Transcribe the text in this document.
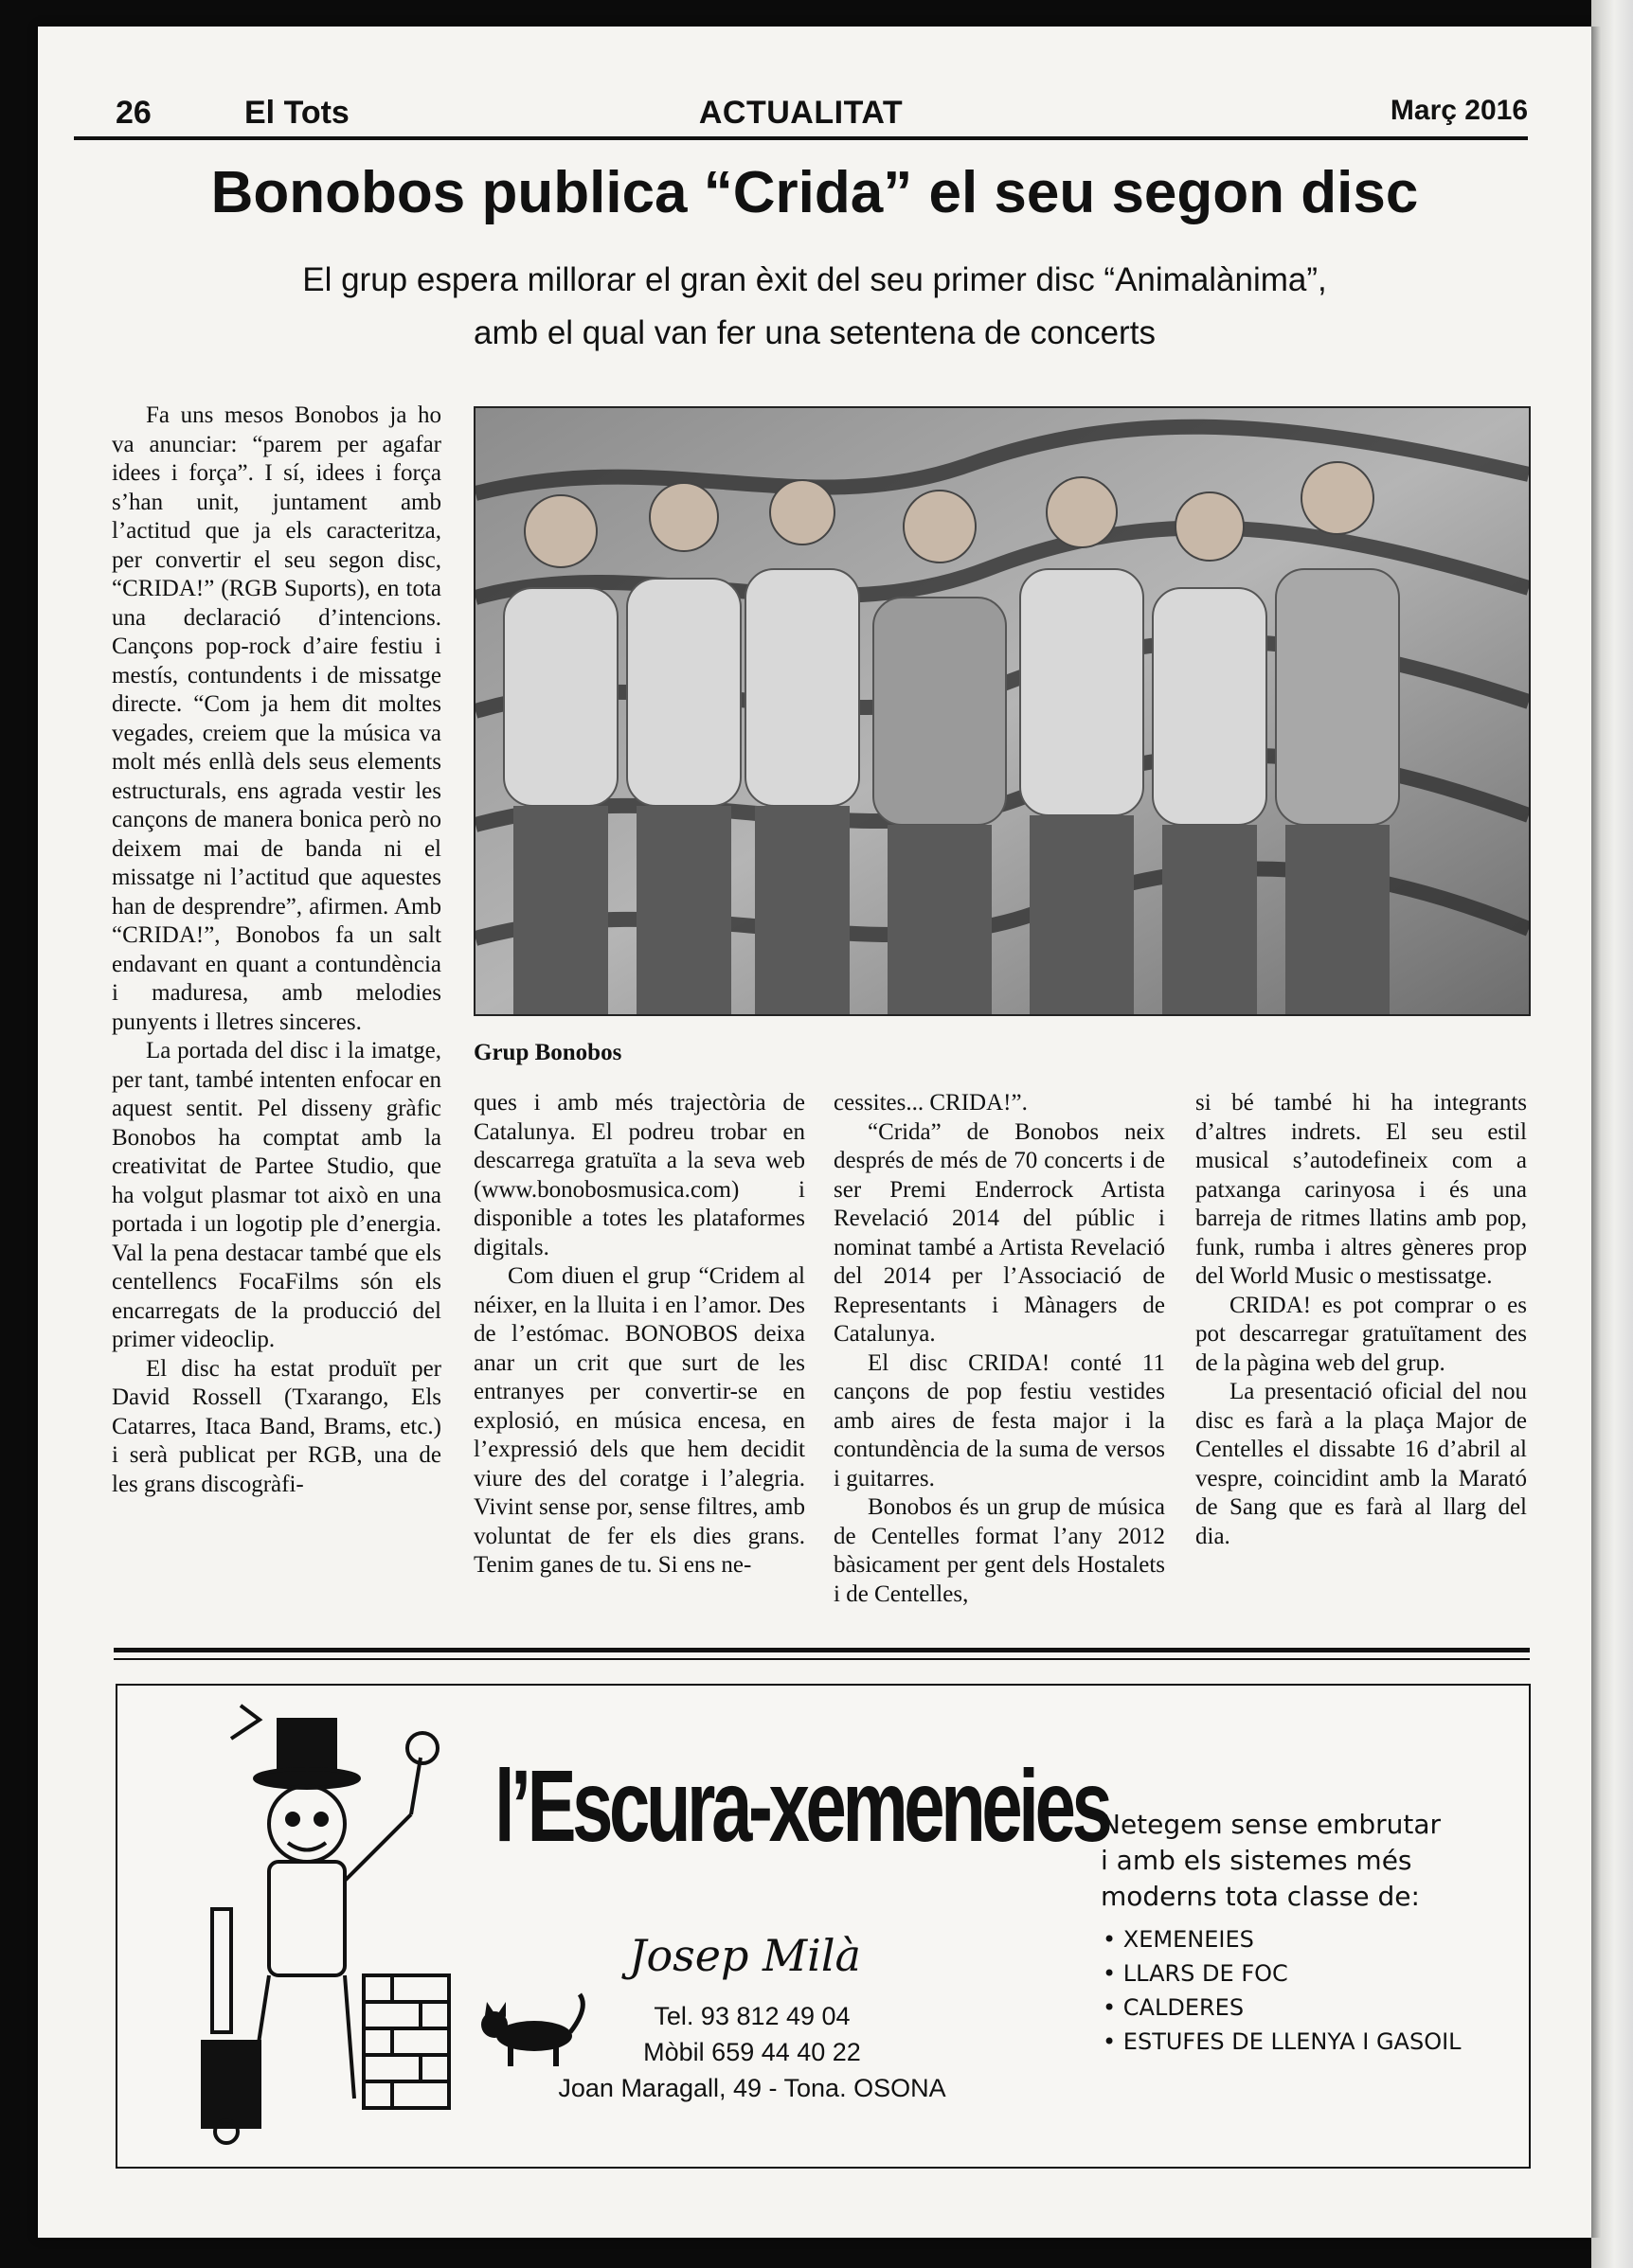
26	El Tots	ACTUALITAT	Març 2016
Bonobos publica “Crida” el seu segon disc
El grup espera millorar el gran èxit del seu primer disc “Animalànima”,
amb el qual van fer una setentena de concerts

Fa uns mesos Bonobos ja ho va anunciar: “parem per agafar idees i força”. I sí, idees i força s’han unit, juntament amb l’actitud que ja els caracteritza, per convertir el seu segon disc, “CRIDA!” (RGB Suports), en tota una declaració d’intencions. Cançons pop-rock d’aire festiu i mestís, contundents i de missatge directe. “Com ja hem dit moltes vegades, creiem que la música va molt més enllà dels seus elements estructurals, ens agrada vestir les cançons de manera bonica però no deixem mai de banda ni el missatge ni l’actitud que aquestes han de desprendre”, afirmen. Amb “CRIDA!”, Bonobos fa un salt endavant en quant a contundència i maduresa, amb melodies punyents i lletres sinceres.

La portada del disc i la imatge, per tant, també intenten enfocar en aquest sentit. Pel disseny gràfic Bonobos ha comptat amb la creativitat de Partee Studio, que ha volgut plasmar tot això en una portada i un logotip ple d’energia. Val la pena destacar també que els centellencs FocaFilms són els encarregats de la producció del primer videoclip.

El disc ha estat produït per David Rossell (Txarango, Els Catarres, Itaca Band, Brams, etc.) i serà publicat per RGB, una de les grans discogràfi-

Grup Bonobos

ques i amb més trajectòria de Catalunya. El podreu trobar en descarrega gratuïta a la seva web (www.bonobosmusica.com) i disponible a totes les plataformes digitals.

Com diuen el grup “Cridem al néixer, en la lluita i en l’amor. Des de l’estómac. BONOBOS deixa anar un crit que surt de les entranyes per convertir-se en explosió, en música encesa, en l’expressió dels que hem decidit viure des del coratge i l’alegria. Vivint sense por, sense filtres, amb voluntat de fer els dies grans. Tenim ganes de tu. Si ens ne-

cessites... CRIDA!”.

“Crida” de Bonobos neix després de més de 70 concerts i de ser Premi Enderrock Artista Revelació 2014 del públic i nominat també a Artista Revelació del 2014 per l’Associació de Representants i Mànagers de Catalunya.

El disc CRIDA! conté 11 cançons de pop festiu vestides amb aires de festa major i la contundència de la suma de versos i guitarres.

Bonobos és un grup de música de Centelles format l’any 2012 bàsicament per gent dels Hostalets i de Centelles,

si bé també hi ha integrants d’altres indrets. El seu estil musical s’autodefineix com a patxanga carinyosa i és una barreja de ritmes llatins amb pop, funk, rumba i altres gèneres prop del World Music o mestissatge.

CRIDA! es pot comprar o es pot descarregar gratuïtament des de la pàgina web del grup.

La presentació oficial del nou disc es farà a la plaça Major de Centelles el dissabte 16 d’abril al vespre, coincidint amb la Marató de Sang que es farà al llarg del dia.

l’Escura-xemeneies
Josep Milà
Tel. 93 812 49 04
Mòbil 659 44 40 22
Joan Maragall, 49 - Tona. OSONA
Netegem sense embrutar
i amb els sistemes més
moderns tota classe de:
• XEMENEIES
• LLARS DE FOC
• CALDERES
• ESTUFES DE LLENYA I GASOIL
